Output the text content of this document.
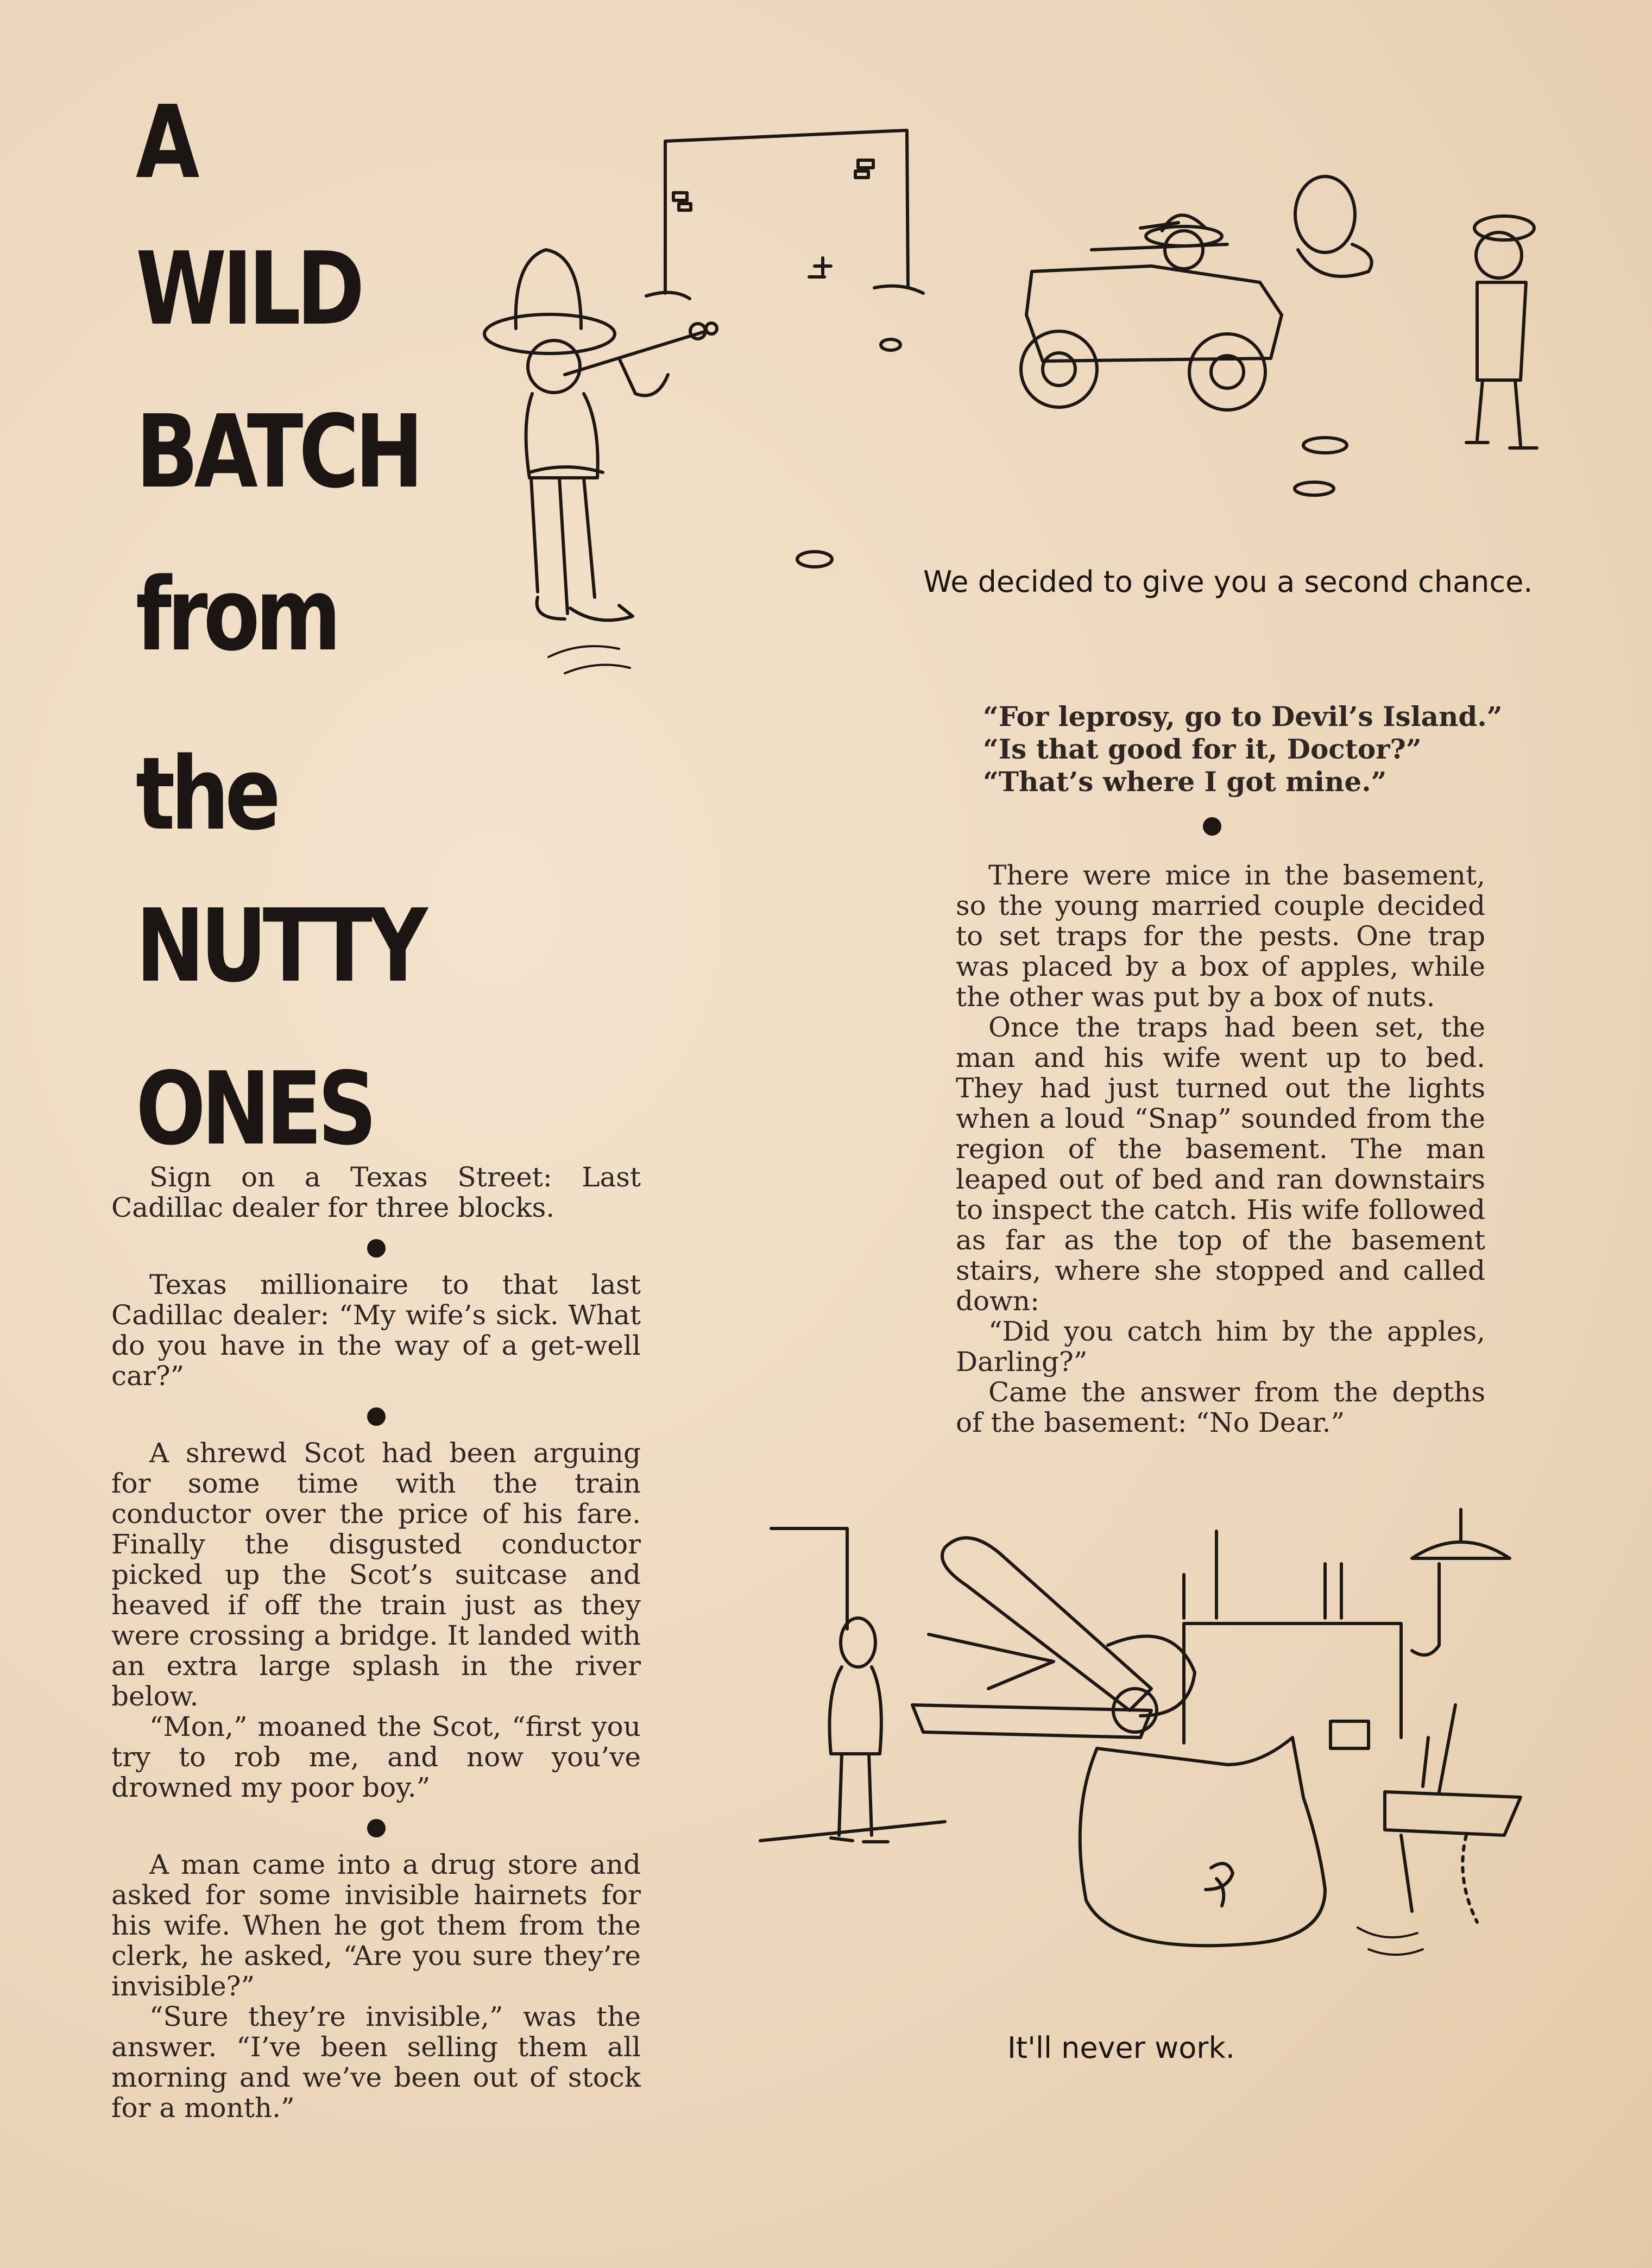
A
WILD
BATCH
from
the
NUTTY
ONES
We decided to give you a second chance.
“For leprosy, go to Devil’s Island.”
“Is that good for it, Doctor?”
“That’s where I got mine.”

There were mice in the basement, so the young married couple decided to set traps for the pests. One trap was placed by a box of apples, while the other was put by a box of nuts.

Once the traps had been set, the man and his wife went up to bed. They had just turned out the lights when a loud “Snap” sounded from the region of the basement. The man leaped out of bed and ran downstairs to inspect the catch. His wife followed as far as the top of the basement stairs, where she stopped and called down:

“Did you catch him by the apples, Darling?”

Came the answer from the depths of the basement: “No Dear.”

Sign on a Texas Street: Last Cadillac dealer for three blocks.

Texas millionaire to that last Cadillac dealer: “My wife’s sick. What do you have in the way of a get-well car?”

A shrewd Scot had been arguing for some time with the train conductor over the price of his fare. Finally the disgusted conductor picked up the Scot’s suitcase and heaved if off the train just as they were crossing a bridge. It landed with an extra large splash in the river below.

“Mon,” moaned the Scot, “first you try to rob me, and now you’ve drowned my poor boy.”

A man came into a drug store and asked for some invisible hairnets for his wife. When he got them from the clerk, he asked, “Are you sure they’re invisible?”

“Sure they’re invisible,” was the answer. “I’ve been selling them all morning and we’ve been out of stock for a month.”

It'll never work.
